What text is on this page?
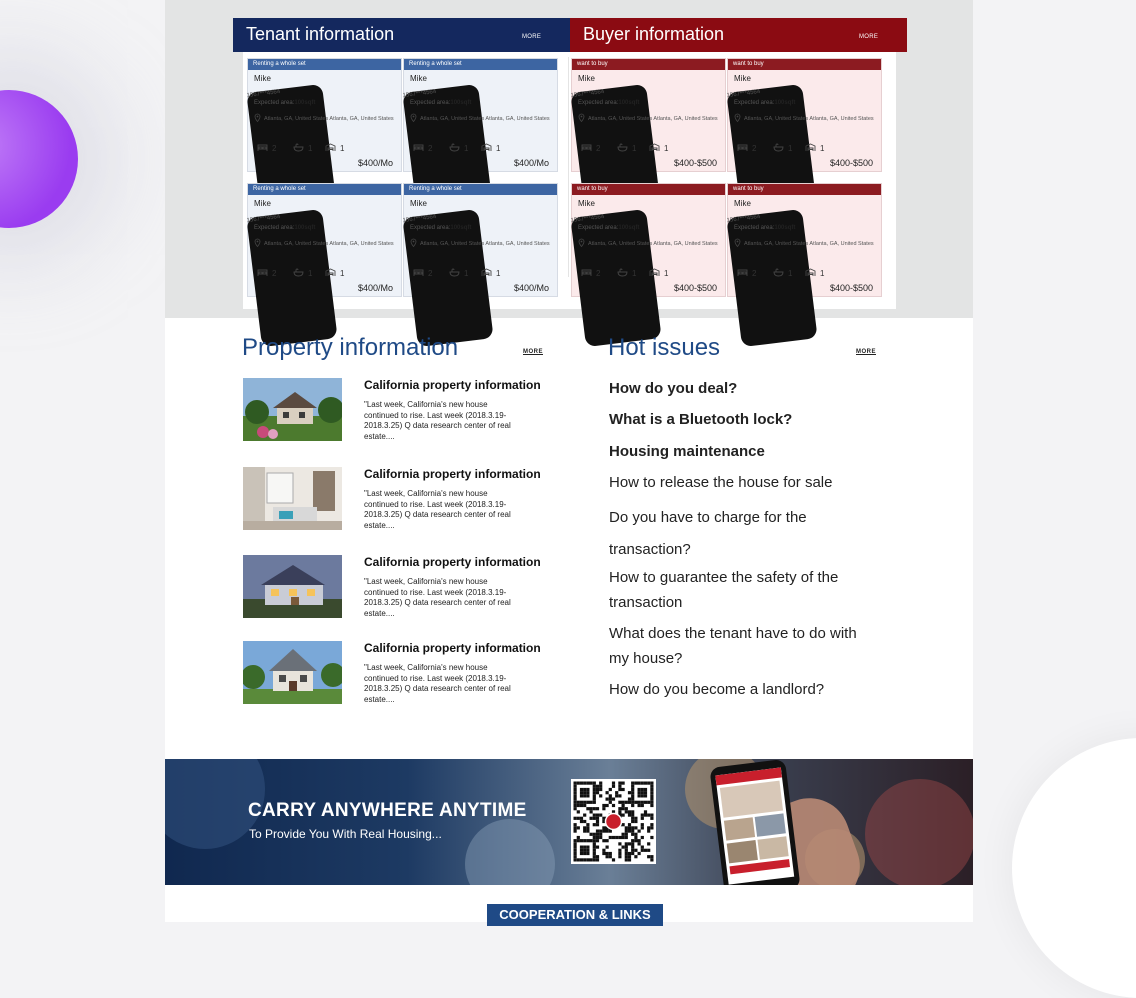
Tenant information	MORE Buyer information	MORE
Renting a whole set
Mike
1567***4564
Expected area:100sqft
Atlanta, GA, United States Atlanta, GA, United States
2	1	1
$400/Mo
Renting a whole set
Mike
1567***4564
Expected area:100sqft
Atlanta, GA, United States Atlanta, GA, United States
2	1	1
$400/Mo
Renting a whole set
Mike
1567***4564
Expected area:100sqft
Atlanta, GA, United States Atlanta, GA, United States
2	1	1
$400/Mo
Renting a whole set
Mike
1567***4564
Expected area:100sqft
Atlanta, GA, United States Atlanta, GA, United States
2	1	1
$400/Mo
want to buy
Mike
1567***4564
Expected area:100sqft
Atlanta, GA, United States Atlanta, GA, United States
2	1	1
$400-$500
want to buy
Mike
1567***4564
Expected area:100sqft
Atlanta, GA, United States Atlanta, GA, United States
2	1	1
$400-$500
want to buy
Mike
1567***4564
Expected area:100sqft
Atlanta, GA, United States Atlanta, GA, United States
2	1	1
$400-$500
want to buy
Mike
1567***4564
Expected area:100sqft
Atlanta, GA, United States Atlanta, GA, United States
2	1	1
$400-$500
Property information	MORE
California property information
"Last week, California's new house continued to rise. Last week (2018.3.19-2018.3.25) Q data research center of real estate....
California property information
"Last week, California's new house continued to rise. Last week (2018.3.19-2018.3.25) Q data research center of real estate....
California property information
"Last week, California's new house continued to rise. Last week (2018.3.19-2018.3.25) Q data research center of real estate....
California property information
"Last week, California's new house continued to rise. Last week (2018.3.19-2018.3.25) Q data research center of real estate....
Hot issues	MORE
How do you deal?
What is a Bluetooth lock?
Housing maintenance
How to release the house for sale
Do you have to charge for the transaction?
How to guarantee the safety of the transaction
What does the tenant have to do with my house?
How do you become a landlord?
CARRY ANYWHERE ANYTIME
To Provide You With Real Housing...
COOPERATION & LINKS
